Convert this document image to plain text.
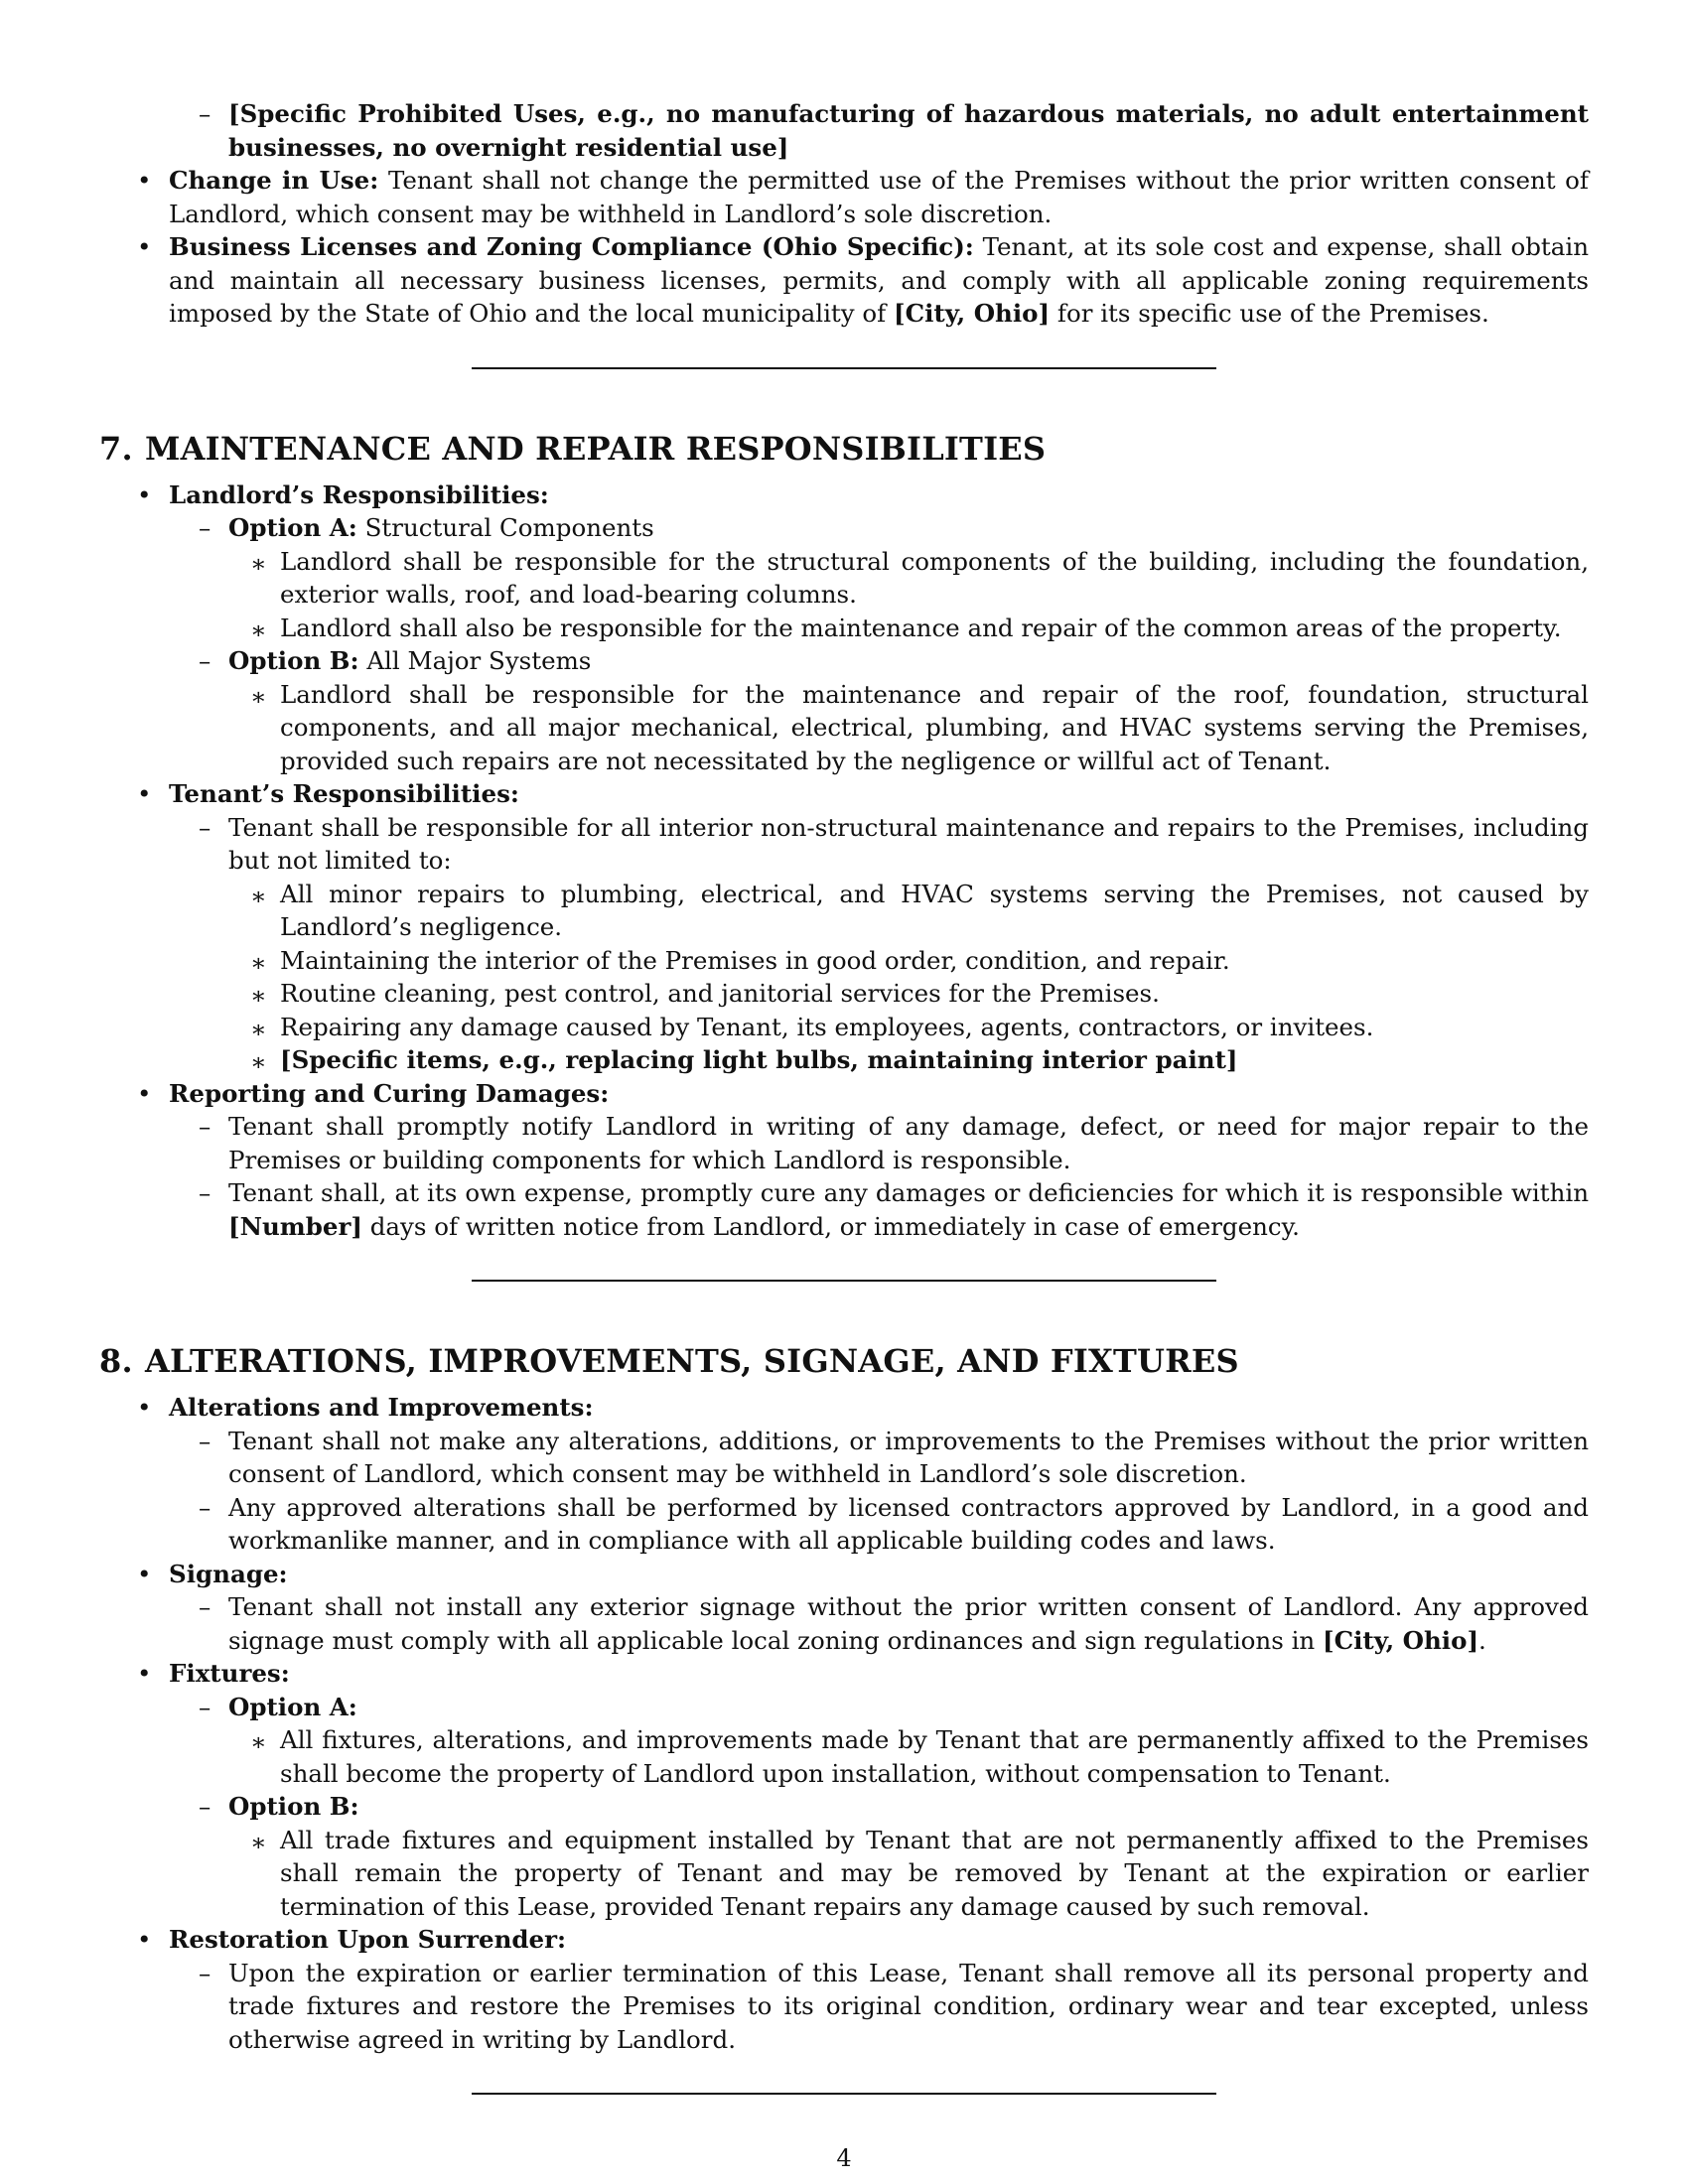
– [Specific Prohibited Uses, e.g., no manufacturing of hazardous materials, no adult entertainment businesses, no overnight residential use]

• Change in Use: Tenant shall not change the permitted use of the Premises without the prior written consent of Landlord, which consent may be withheld in Landlord’s sole discretion.

• Business Licenses and Zoning Compliance (Ohio Specific): Tenant, at its sole cost and expense, shall obtain and maintain all necessary business licenses, permits, and comply with all applicable zoning requirements imposed by the State of Ohio and the local municipality of [City, Ohio] for its specific use of the Premises.

7. MAINTENANCE AND REPAIR RESPONSIBILITIES

• Landlord’s Responsibilities:

– Option A: Structural Components

∗ Landlord shall be responsible for the structural components of the building, including the foundation, exterior walls, roof, and load-bearing columns.

∗ Landlord shall also be responsible for the maintenance and repair of the common areas of the property.

– Option B: All Major Systems

∗ Landlord shall be responsible for the maintenance and repair of the roof, foundation, structural components, and all major mechanical, electrical, plumbing, and HVAC systems serving the Premises, provided such repairs are not necessitated by the negligence or willful act of Tenant.

• Tenant’s Responsibilities:

– Tenant shall be responsible for all interior non-structural maintenance and repairs to the Premises, including but not limited to:

∗ All minor repairs to plumbing, electrical, and HVAC systems serving the Premises, not caused by Landlord’s negligence.

∗ Maintaining the interior of the Premises in good order, condition, and repair.

∗ Routine cleaning, pest control, and janitorial services for the Premises.

∗ Repairing any damage caused by Tenant, its employees, agents, contractors, or invitees.

∗ [Specific items, e.g., replacing light bulbs, maintaining interior paint]

• Reporting and Curing Damages:

– Tenant shall promptly notify Landlord in writing of any damage, defect, or need for major repair to the Premises or building components for which Landlord is responsible.

– Tenant shall, at its own expense, promptly cure any damages or deficiencies for which it is responsible within [Number] days of written notice from Landlord, or immediately in case of emergency.

8. ALTERATIONS, IMPROVEMENTS, SIGNAGE, AND FIXTURES

• Alterations and Improvements:

– Tenant shall not make any alterations, additions, or improvements to the Premises without the prior written consent of Landlord, which consent may be withheld in Landlord’s sole discretion.

– Any approved alterations shall be performed by licensed contractors approved by Landlord, in a good and workmanlike manner, and in compliance with all applicable building codes and laws.

• Signage:

– Tenant shall not install any exterior signage without the prior written consent of Landlord. Any approved signage must comply with all applicable local zoning ordinances and sign regulations in [City, Ohio].

• Fixtures:

– Option A:

∗ All fixtures, alterations, and improvements made by Tenant that are permanently affixed to the Premises shall become the property of Landlord upon installation, without compensation to Tenant.

– Option B:

∗ All trade fixtures and equipment installed by Tenant that are not permanently affixed to the Premises shall remain the property of Tenant and may be removed by Tenant at the expiration or earlier termination of this Lease, provided Tenant repairs any damage caused by such removal.

• Restoration Upon Surrender:

– Upon the expiration or earlier termination of this Lease, Tenant shall remove all its personal property and trade fixtures and restore the Premises to its original condition, ordinary wear and tear excepted, unless otherwise agreed in writing by Landlord.

4
